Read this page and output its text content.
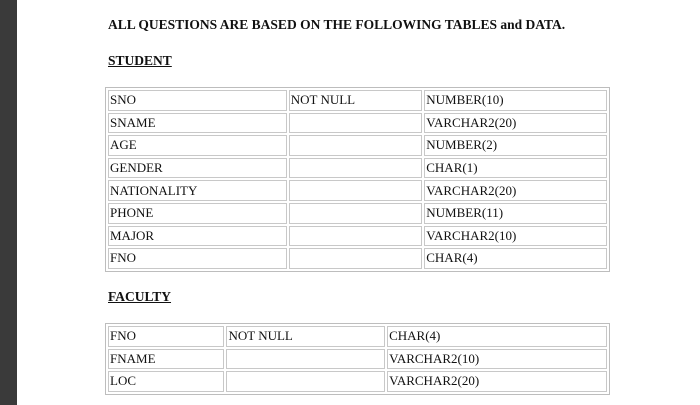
ALL QUESTIONS ARE BASED ON THE FOLLOWING TABLES and DATA.
STUDENT
SNO	NOT NULL	NUMBER(10)
SNAME		VARCHAR2(20)
AGE		NUMBER(2)
GENDER		CHAR(1)
NATIONALITY		VARCHAR2(20)
PHONE		NUMBER(11)
MAJOR		VARCHAR2(10)
FNO		CHAR(4)
FACULTY
FNO	NOT NULL	CHAR(4)
FNAME		VARCHAR2(10)
LOC		VARCHAR2(20)
